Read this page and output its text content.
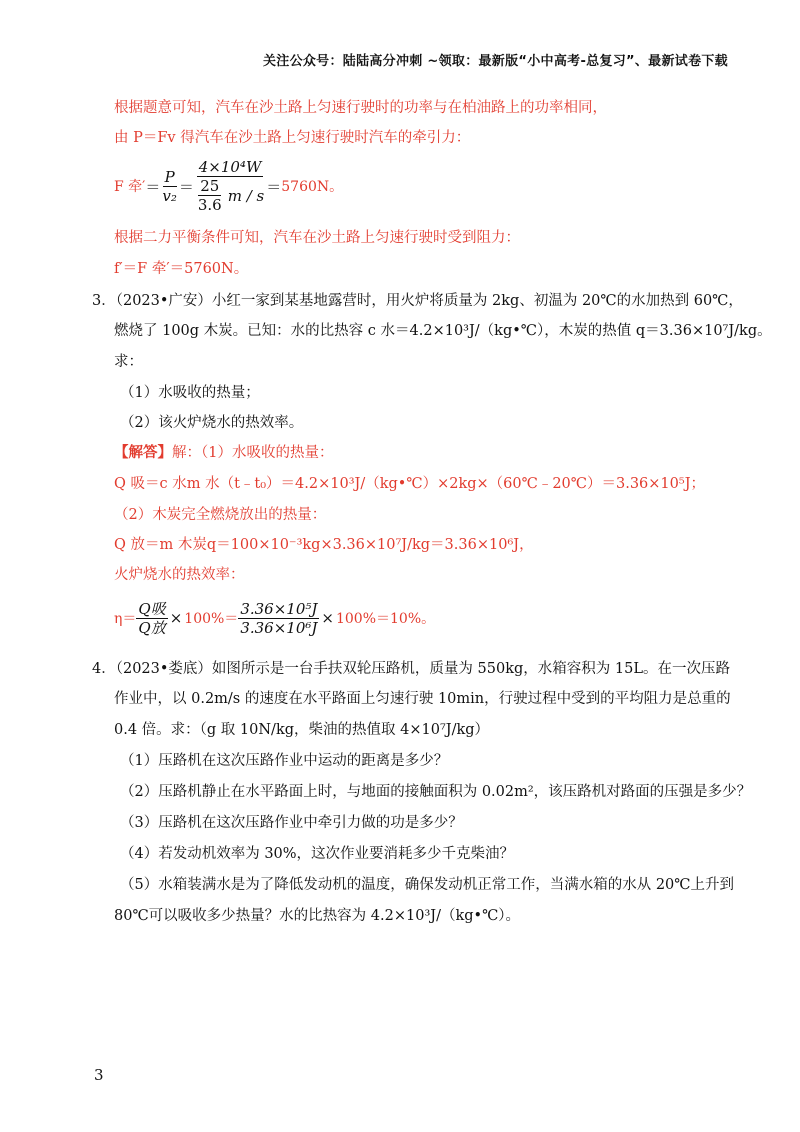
关注公众号：陆陆高分冲刺 ~领取：最新版“小中高考-总复习”、最新试卷下载
根据题意可知，汽车在沙土路上匀速行驶时的功率与在柏油路上的功率相同，
由 P＝Fv 得汽车在沙土路上匀速行驶时汽车的牵引力：
F 牵′ ＝ $\frac{P}{\text{v₂}} = \frac{\text{4×10⁴W}}{\frac{25}{3.6} m / s} = 5760N$。
根据二力平衡条件可知，汽车在沙土路上匀速行驶时受到阻力：
f′＝F 牵′＝5760N。
3．（2023•广安）小红一家到某基地露营时，用火炉将质量为 2kg、初温为 20℃的水加热到 60℃，
燃烧了 100g 木炭。已知：水的比热容 c 水＝4.2×10³J/（kg•℃），木炭的热值 q＝3.36×10⁷J/kg。
求：
（1）水吸收的热量；
（2）该火炉烧水的热效率。
【解答】解：（1）水吸收的热量：
Q 吸＝c 水m 水（t﹣t₀）＝4.2×10³J/（kg•℃）×2kg×（60℃﹣20℃）＝3.36×10⁵J；
（2）木炭完全燃烧放出的热量：
Q 放＝m 木炭q＝100×10⁻³kg×3.36×10⁷J/kg＝3.36×10⁶J，
火炉烧水的热效率：
$\eta= \frac{\text{Q吸}}{\text{Q放}} \times 100\%= \frac{\text{3.36×10⁵J}}{\text{3.36×10⁶J}} \times 100\%=10\%$。
4．（2023•娄底）如图所示是一台手扶双轮压路机，质量为 550kg，水箱容积为 15L。在一次压路
作业中，以 0.2m/s 的速度在水平路面上匀速行驶 10min，行驶过程中受到的平均阻力是总重的
0.4 倍。求：（g 取 10N/kg，柴油的热值取 4×10⁷J/kg）
（1）压路机在这次压路作业中运动的距离是多少？
（2）压路机静止在水平路面上时，与地面的接触面积为 0.02m²，该压路机对路面的压强是多少？
（3）压路机在这次压路作业中牵引力做的功是多少？
（4）若发动机效率为 30%，这次作业要消耗多少千克柴油？
（5）水箱装满水是为了降低发动机的温度，确保发动机正常工作，当满水箱的水从 20℃上升到
80℃可以吸收多少热量？水的比热容为 4.2×10³J/（kg•℃）。
3
